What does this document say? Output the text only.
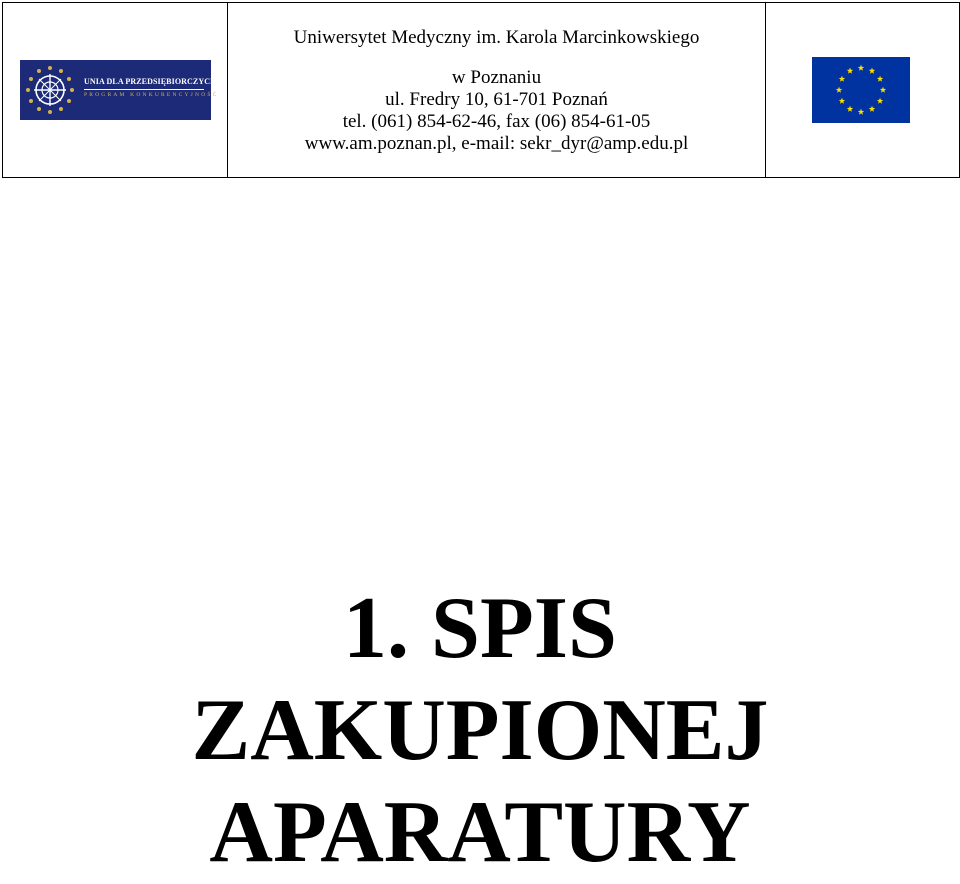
UNIA DLA PRZEDSIĘBIORCZYCH
PROGRAM KONKURENCYJNOŚĆ

Uniwersytet Medyczny im. Karola Marcinkowskiego

w Poznaniu

ul. Fredry 10, 61-701 Poznań

tel. (061) 854-62-46, fax (06) 854-61-05

www.am.poznan.pl, e-mail: sekr_dyr@amp.edu.pl

1. SPIS
ZAKUPIONEJ
APARATURY
